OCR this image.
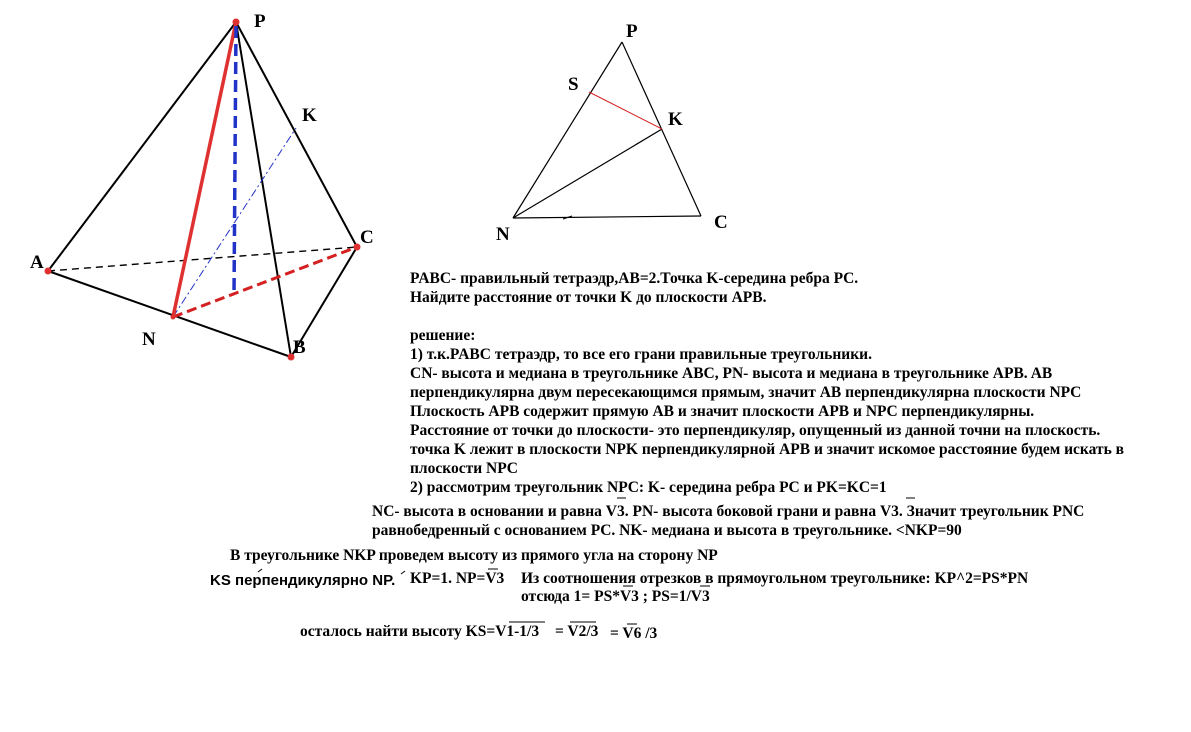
P
K
A
C
N	B
P
S
K
N
C
PABC- правильный тетраэдр,AB=2.Точка K-середина ребра PC.
Найдите расстояние от точки K до плоскости APB.
решение:
1) т.к.PABC тетраэдр, то все его грани правильные треугольники.
CN- высота и медиана в треугольнике ABC, PN- высота и медиана в треугольнике APB. AB
перпендикулярна двум пересекающимся прямым, значит AB перпендикулярна плоскости NPC
Плоскость APB содержит прямую AB и значит плоскости APB и NPC перпендикулярны.
Расстояние от точки до плоскости- это перпендикуляр, опущенный из данной точни на плоскость.
точка K лежит в плоскости NPK перпендикулярной APB и значит искомое расстояние будем искать в
плоскости NPC
2) рассмотрим треугольник NPC: K- середина ребра PC и PK=KC=1
NC- высота в основании и равна V3. PN- высота боковой грани и равна V3. Значит треугольник PNC
равнобедренный с основанием PC. NK- медиана и высота в треугольнике. <NKP=90
В треугольнике NKP проведем высоту из прямого угла на сторону NP
KS перпендикулярно NP. KP=1. NP=V3 Из соотношения отрезков в прямоугольном треугольнике: KP^2=PS*PN
отсюда 1= PS*V3 ; PS=1/V3
осталось найти высоту KS=V1-1/3 = V2/3 = V6 /3
